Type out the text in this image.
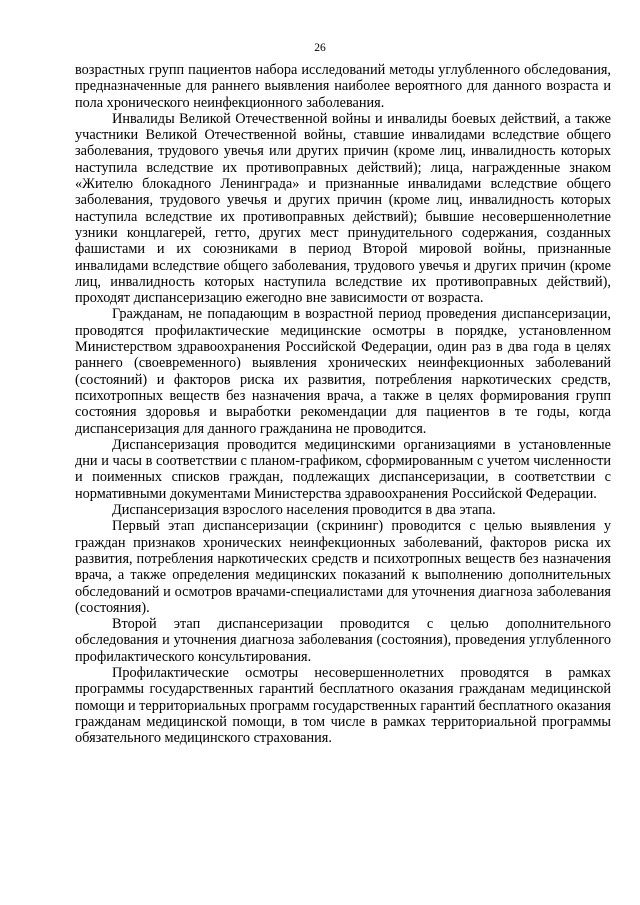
26

возрастных групп пациентов набора исследований методы углубленного обследования, предназначенные для раннего выявления наиболее вероятного для данного возраста и пола хронического неинфекционного заболевания.

Инвалиды Великой Отечественной войны и инвалиды боевых действий, а также участники Великой Отечественной войны, ставшие инвалидами вследствие общего заболевания, трудового увечья или других причин (кроме лиц, инвалидность которых наступила вследствие их противоправных действий); лица, награжденные знаком «Жителю блокадного Ленинграда» и признанные инвалидами вследствие общего заболевания, трудового увечья и других причин (кроме лиц, инвалидность которых наступила вследствие их противоправных действий); бывшие несовершеннолетние узники концлагерей, гетто, других мест принудительного содержания, созданных фашистами и их союзниками в период Второй мировой войны, признанные инвалидами вследствие общего заболевания, трудового увечья и других причин (кроме лиц, инвалидность которых наступила вследствие их противоправных действий), проходят диспансеризацию ежегодно вне зависимости от возраста.

Гражданам, не попадающим в возрастной период проведения диспансеризации, проводятся профилактические медицинские осмотры в порядке, установленном Министерством здравоохранения Российской Федерации, один раз в два года в целях раннего (своевременного) выявления хронических неинфекционных заболеваний (состояний) и факторов риска их развития, потребления наркотических средств, психотропных веществ без назначения врача, а также в целях формирования групп состояния здоровья и выработки рекомендации для пациентов в те годы, когда диспансеризация для данного гражданина не проводится.

Диспансеризация проводится медицинскими организациями в установленные дни и часы в соответствии с планом-графиком, сформированным с учетом численности и поименных списков граждан, подлежащих диспансеризации, в соответствии с нормативными документами Министерства здравоохранения Российской Федерации.

Диспансеризация взрослого населения проводится в два этапа.

Первый этап диспансеризации (скрининг) проводится с целью выявления у граждан признаков хронических неинфекционных заболеваний, факторов риска их развития, потребления наркотических средств и психотропных веществ без назначения врача, а также определения медицинских показаний к выполнению дополнительных обследований и осмотров врачами-специалистами для уточнения диагноза заболевания (состояния).

Второй этап диспансеризации проводится с целью дополнительного обследования и уточнения диагноза заболевания (состояния), проведения углубленного профилактического консультирования.

Профилактические осмотры несовершеннолетних проводятся в рамках программы государственных гарантий бесплатного оказания гражданам медицинской помощи и территориальных программ государственных гарантий бесплатного оказания гражданам медицинской помощи, в том числе в рамках территориальной программы обязательного медицинского страхования.
